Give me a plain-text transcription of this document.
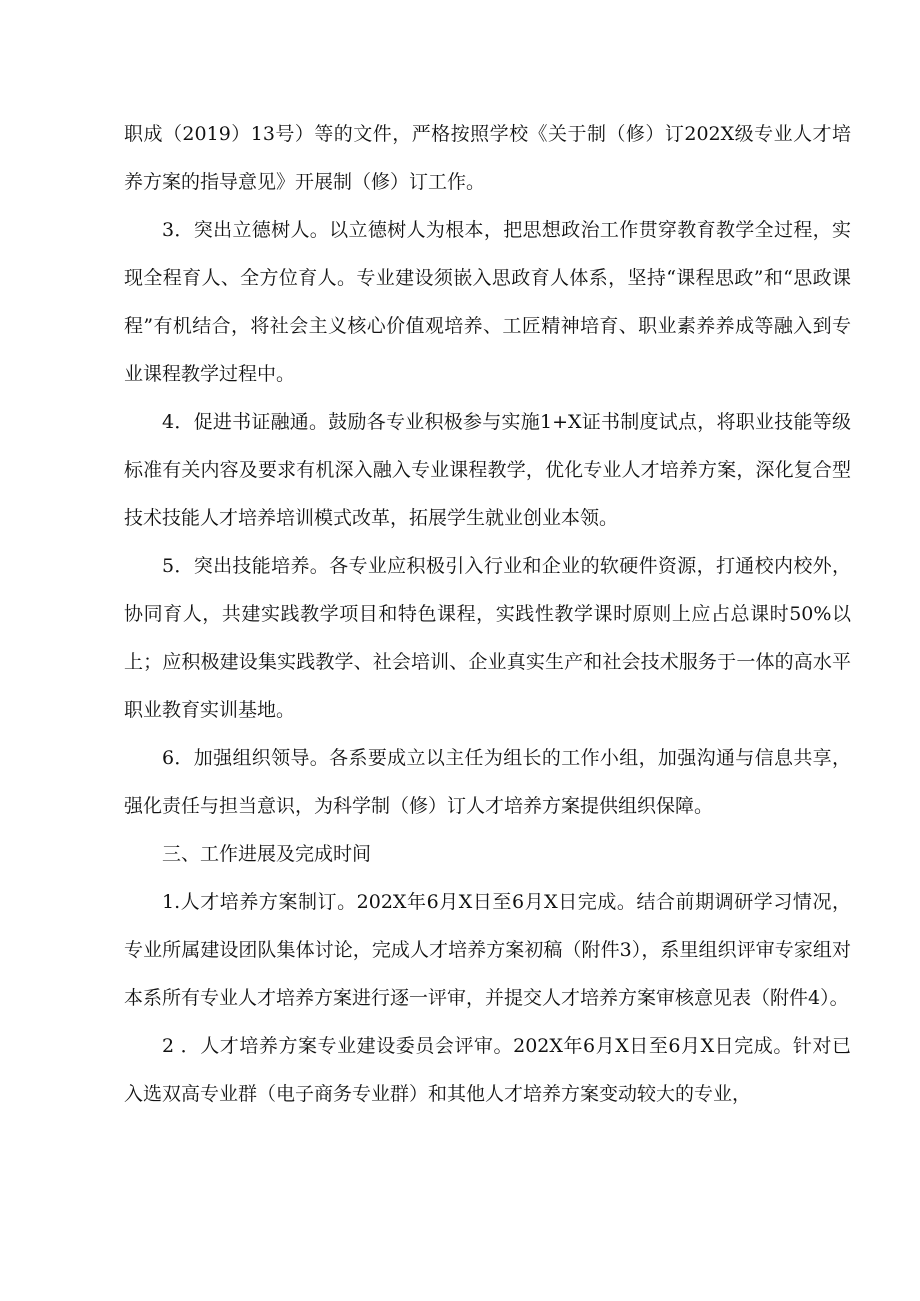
职成（2019）13号）等的文件，严格按照学校《关于制（修）订202X级专业人才培养方案的指导意见》开展制（修）订工作。

3．突出立德树人。以立德树人为根本，把思想政治工作贯穿教育教学全过程，实现全程育人、全方位育人。专业建设须嵌入思政育人体系，坚持“课程思政”和“思政课程”有机结合，将社会主义核心价值观培养、工匠精神培育、职业素养养成等融入到专业课程教学过程中。

4．促进书证融通。鼓励各专业积极参与实施1+X证书制度试点，将职业技能等级标准有关内容及要求有机深入融入专业课程教学，优化专业人才培养方案，深化复合型技术技能人才培养培训模式改革，拓展学生就业创业本领。

5．突出技能培养。各专业应积极引入行业和企业的软硬件资源，打通校内校外，协同育人，共建实践教学项目和特色课程，实践性教学课时原则上应占总课时50%以上；应积极建设集实践教学、社会培训、企业真实生产和社会技术服务于一体的高水平职业教育实训基地。

6．加强组织领导。各系要成立以主任为组长的工作小组，加强沟通与信息共享，强化责任与担当意识，为科学制（修）订人才培养方案提供组织保障。

三、工作进展及完成时间

1.人才培养方案制订。202X年6月X日至6月X日完成。结合前期调研学习情况，专业所属建设团队集体讨论，完成人才培养方案初稿（附件3），系里组织评审专家组对本系所有专业人才培养方案进行逐一评审，并提交人才培养方案审核意见表（附件4）。

2 ．人才培养方案专业建设委员会评审。202X年6月X日至6月X日完成。针对已入选双高专业群（电子商务专业群）和其他人才培养方案变动较大的专业，
